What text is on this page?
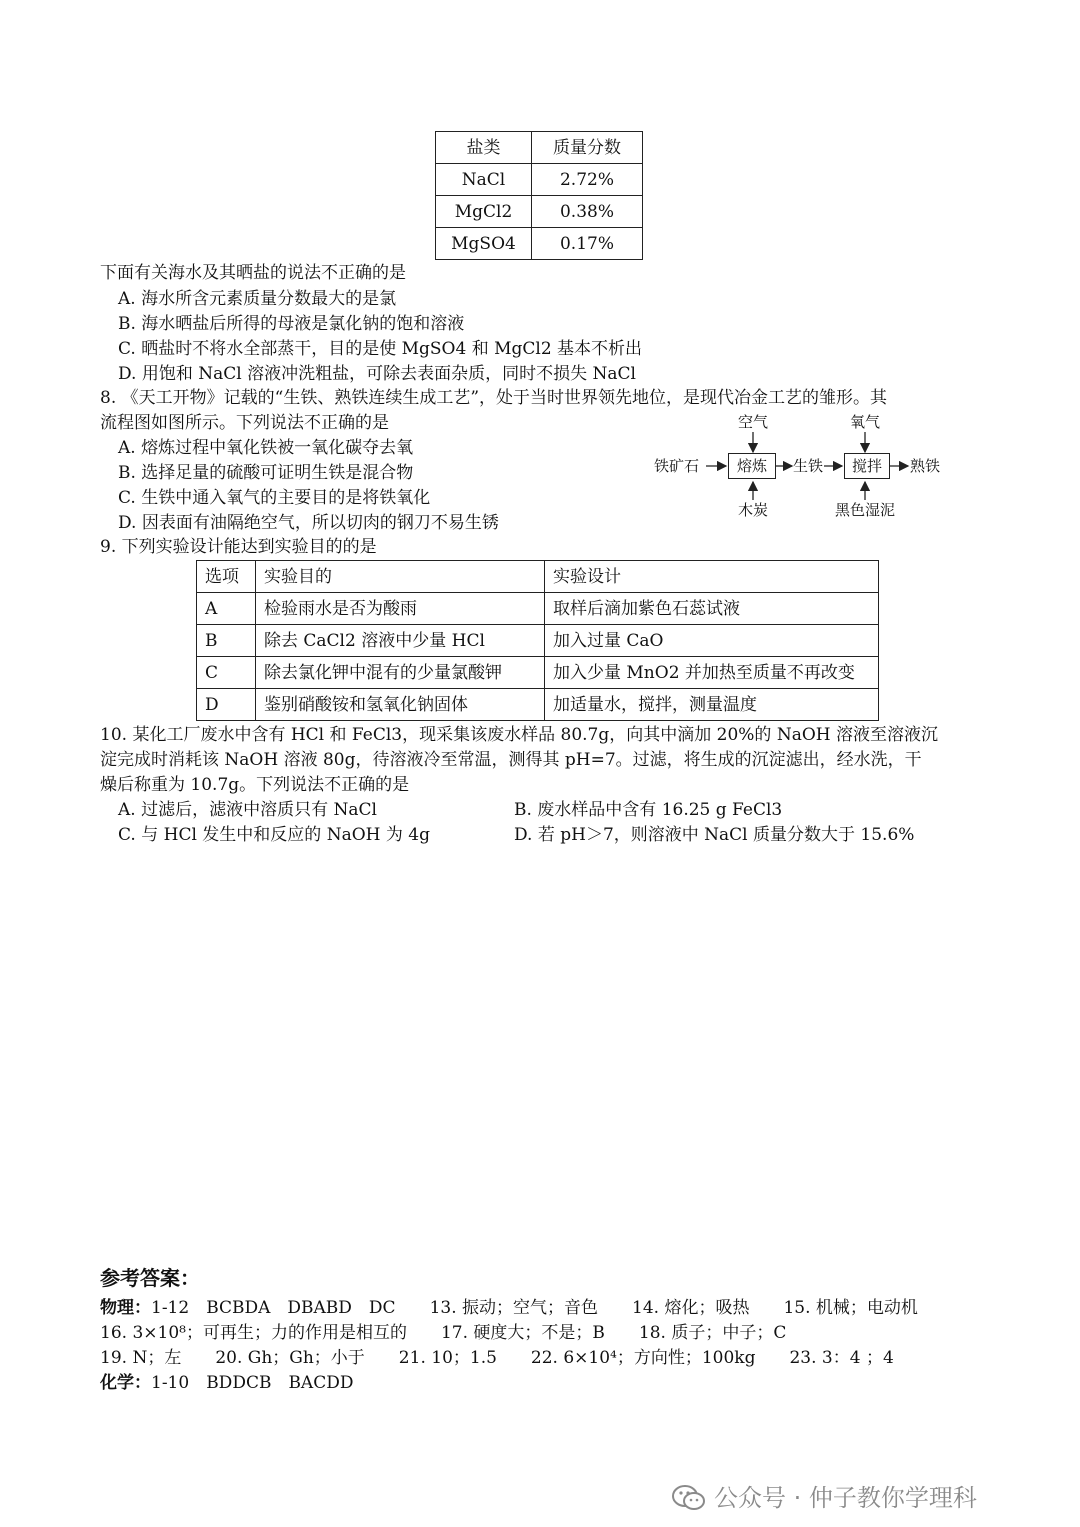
盐类	质量分数
NaCl	2.72%
MgCl2	0.38%
MgSO4	0.17%
下面有关海水及其晒盐的说法不正确的是
A. 海水所含元素质量分数最大的是氯
B. 海水晒盐后所得的母液是氯化钠的饱和溶液
C. 晒盐时不将水全部蒸干，目的是使 MgSO4 和 MgCl2 基本不析出
D. 用饱和 NaCl 溶液冲洗粗盐，可除去表面杂质，同时不损失 NaCl
8. 《天工开物》记载的“生铁、熟铁连续生成工艺”，处于当时世界领先地位，是现代冶金工艺的雏形。其
流程图如图所示。下列说法不正确的是
A. 熔炼过程中氧化铁被一氧化碳夺去氧
B. 选择足量的硫酸可证明生铁是混合物
C. 生铁中通入氧气的主要目的是将铁氧化
D. 因表面有油隔绝空气，所以切肉的钢刀不易生锈
空气	氧气
铁矿石	熔炼	生铁	搅拌	熟铁
木炭	黑色湿泥
9. 下列实验设计能达到实验目的的是
选项	实验目的	实验设计
A	检验雨水是否为酸雨	取样后滴加紫色石蕊试液
B	除去 CaCl2 溶液中少量 HCl	加入过量 CaO
C	除去氯化钾中混有的少量氯酸钾	加入少量 MnO2 并加热至质量不再改变
D	鉴别硝酸铵和氢氧化钠固体	加适量水，搅拌，测量温度
10. 某化工厂废水中含有 HCl 和 FeCl3，现采集该废水样品 80.7g，向其中滴加 20%的 NaOH 溶液至溶液沉
淀完成时消耗该 NaOH 溶液 80g，待溶液冷至常温，测得其 pH=7。过滤，将生成的沉淀滤出，经水洗，干
燥后称重为 10.7g。下列说法不正确的是
A. 过滤后，滤液中溶质只有 NaCl	B. 废水样品中含有 16.25 g FeCl3
C. 与 HCl 发生中和反应的 NaOH 为 4g	D. 若 pH＞7，则溶液中 NaCl 质量分数大于 15.6%
参考答案：
物理：1-12　BCBDA　DBABD　DC　　13. 振动；空气；音色　　14. 熔化；吸热　　15. 机械；电动机
16. 3×10⁸；可再生；力的作用是相互的　　17. 硬度大；不是；B　　18. 质子；中子；C
19. N；左　　20. Gh；Gh；小于　　21. 10；1.5　　22. 6×10⁴；方向性；100kg　　23. 3：4 ；4
化学：1-10　BDDCB　BACDD
公众号 · 仲子教你学理科
